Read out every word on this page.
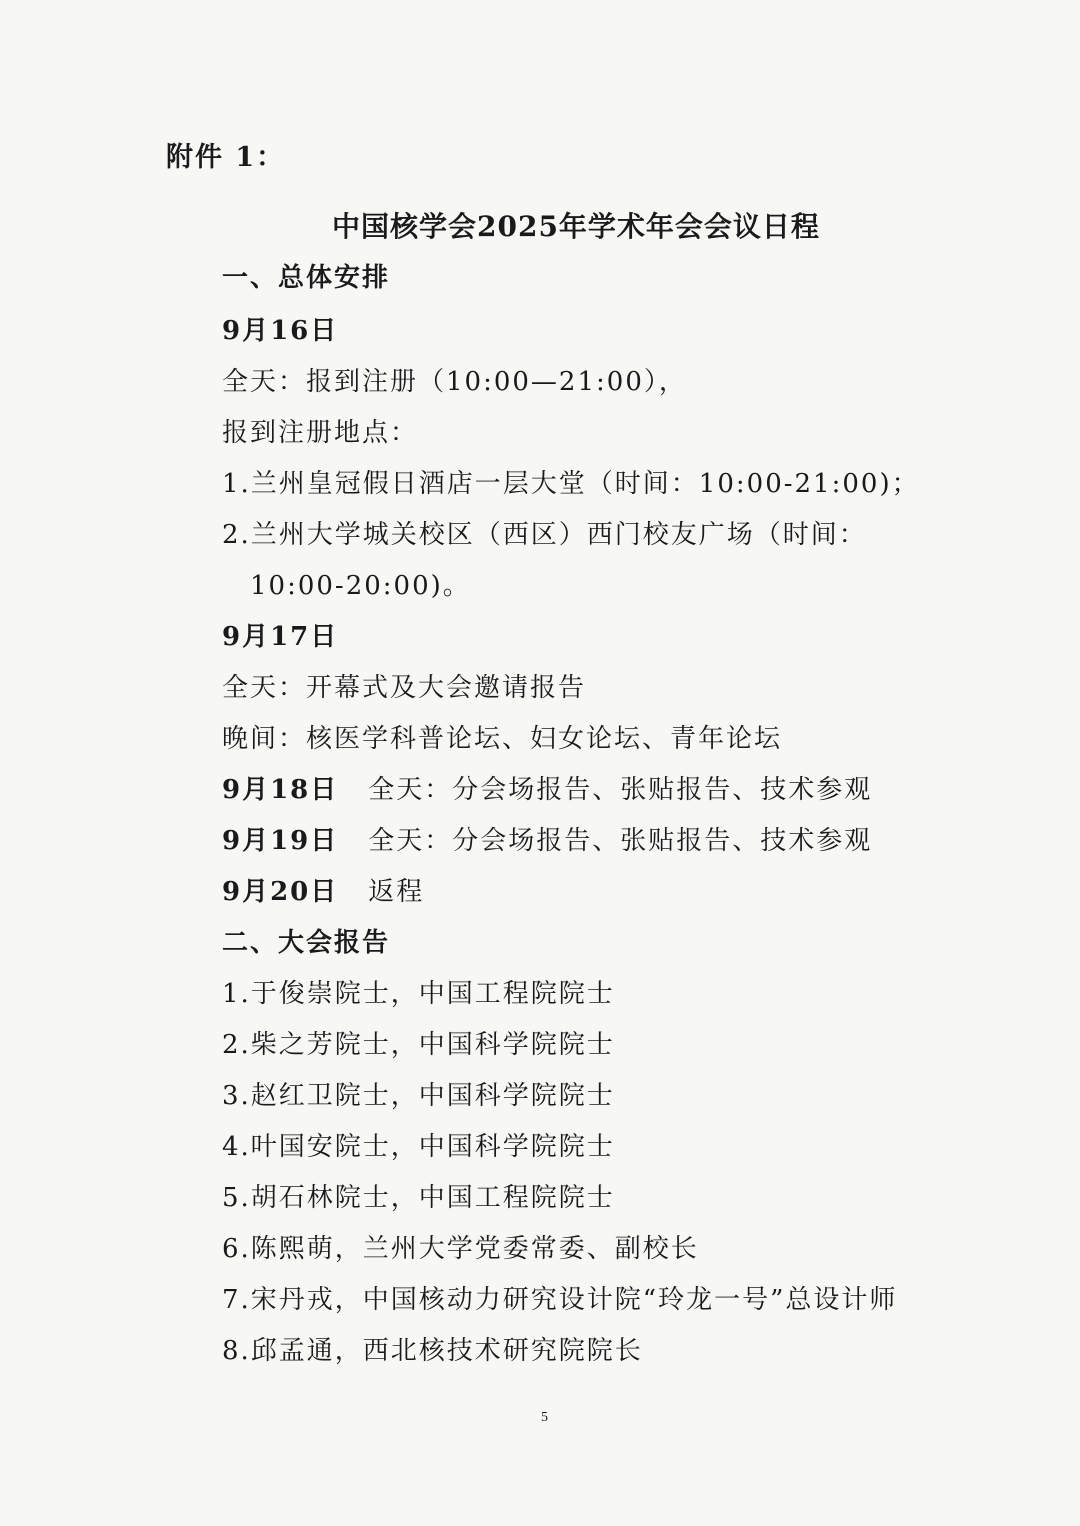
附件 1：
中国核学会2025年学术年会会议日程
一、总体安排
9月16日
全天：报到注册（10:00—21:00），
报到注册地点：
1.兰州皇冠假日酒店一层大堂（时间：10:00-21:00)；
2.兰州大学城关校区（西区）西门校友广场（时间：
10:00-20:00)。
9月17日
全天：开幕式及大会邀请报告
晚间：核医学科普论坛、妇女论坛、青年论坛
9月18日 全天：分会场报告、张贴报告、技术参观
9月19日 全天：分会场报告、张贴报告、技术参观
9月20日 返程
二、大会报告
1.于俊崇院士，中国工程院院士
2.柴之芳院士，中国科学院院士
3.赵红卫院士，中国科学院院士
4.叶国安院士，中国科学院院士
5.胡石林院士，中国工程院院士
6.陈熙萌，兰州大学党委常委、副校长
7.宋丹戎，中国核动力研究设计院“玲龙一号”总设计师
8.邱孟通，西北核技术研究院院长
5
